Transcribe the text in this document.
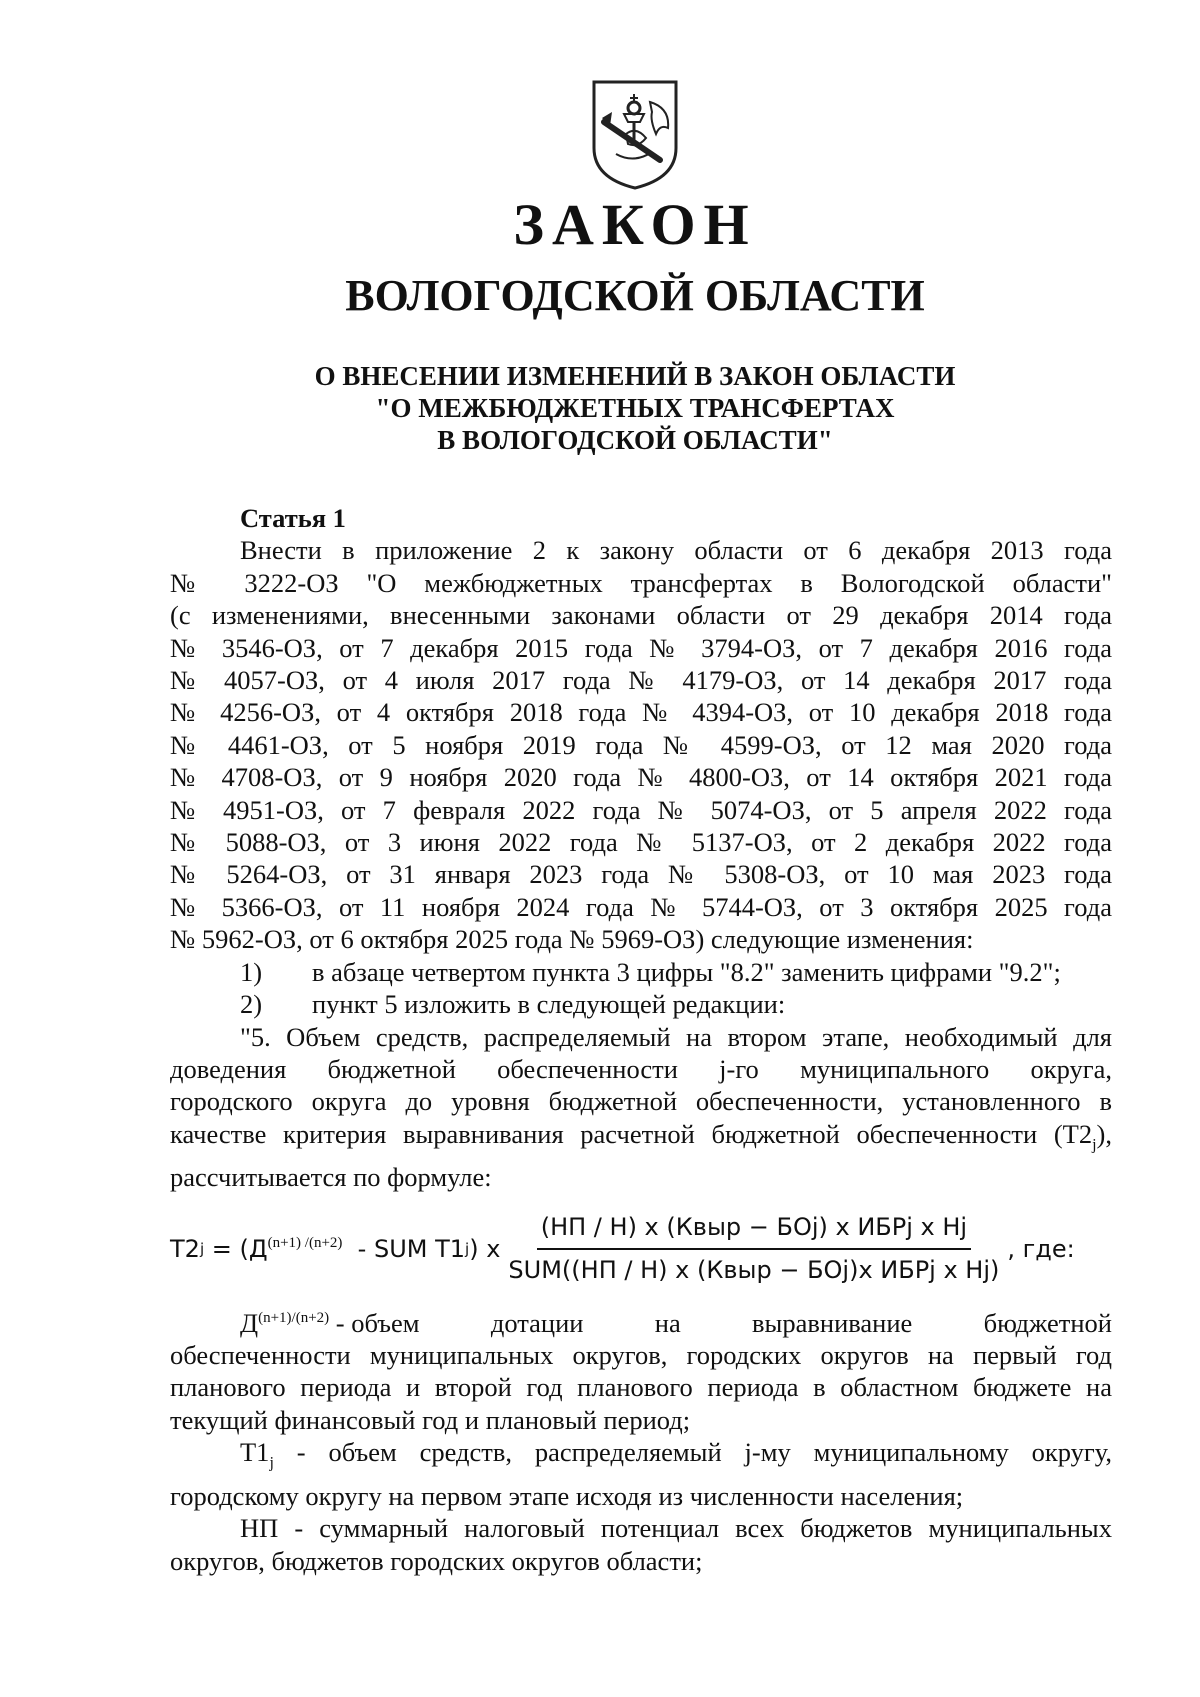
ЗАКОН
ВОЛОГОДСКОЙ ОБЛАСТИ
О ВНЕСЕНИИ ИЗМЕНЕНИЙ В ЗАКОН ОБЛАСТИ
"О МЕЖБЮДЖЕТНЫХ ТРАНСФЕРТАХ
В ВОЛОГОДСКОЙ ОБЛАСТИ"
Статья 1
Внести в приложение 2 к закону области от 6 декабря 2013 года
№ 3222-ОЗ "О межбюджетных трансфертах в Вологодской области"
(с изменениями, внесенными законами области от 29 декабря 2014 года
№ 3546-ОЗ, от 7 декабря 2015 года № 3794-ОЗ, от 7 декабря 2016 года
№ 4057-ОЗ, от 4 июля 2017 года № 4179-ОЗ, от 14 декабря 2017 года
№ 4256-ОЗ, от 4 октября 2018 года № 4394-ОЗ, от 10 декабря 2018 года
№ 4461-ОЗ, от 5 ноября 2019 года № 4599-ОЗ, от 12 мая 2020 года
№ 4708-ОЗ, от 9 ноября 2020 года № 4800-ОЗ, от 14 октября 2021 года
№ 4951-ОЗ, от 7 февраля 2022 года № 5074-ОЗ, от 5 апреля 2022 года
№ 5088-ОЗ, от 3 июня 2022 года № 5137-ОЗ, от 2 декабря 2022 года
№ 5264-ОЗ, от 31 января 2023 года № 5308-ОЗ, от 10 мая 2023 года
№ 5366-ОЗ, от 11 ноября 2024 года № 5744-ОЗ, от 3 октября 2025 года
№ 5962-ОЗ, от 6 октября 2025 года № 5969-ОЗ) следующие изменения:
1)	в абзаце четвертом пункта 3 цифры "8.2" заменить цифрами "9.2";
2)	пункт 5 изложить в следующей редакции:
"5. Объем средств, распределяемый на втором этапе, необходимый для
доведения бюджетной обеспеченности j-го муниципального округа,
городского округа до уровня бюджетной обеспеченности, установленного в
качестве критерия выравнивания расчетной бюджетной обеспеченности $(T2_j)$,
рассчитывается по формуле:
T2 $j = (Д^{(n+1) /(n+2)}$ - SUM T1 j ) x $\frac{\text{(НП / Н) x (Квыр − БОj) x ИБРj x Hj}}{\text{SUM((НП / Н) x (Квыр − БОj)x ИБРj x Hj)}}$ , где:
$Д^{(n+1)/(n+2)}$ - объем	дотации	на	выравнивание	бюджетной
обеспеченности муниципальных округов, городских округов на первый год
планового периода и второй год планового периода в областном бюджете на
текущий финансовый год и плановый период;
$T1_j$ - объем средств, распределяемый j-му муниципальному округу,
городскому округу на первом этапе исходя из численности населения;
НП - суммарный налоговый потенциал всех бюджетов муниципальных
округов, бюджетов городских округов области;
